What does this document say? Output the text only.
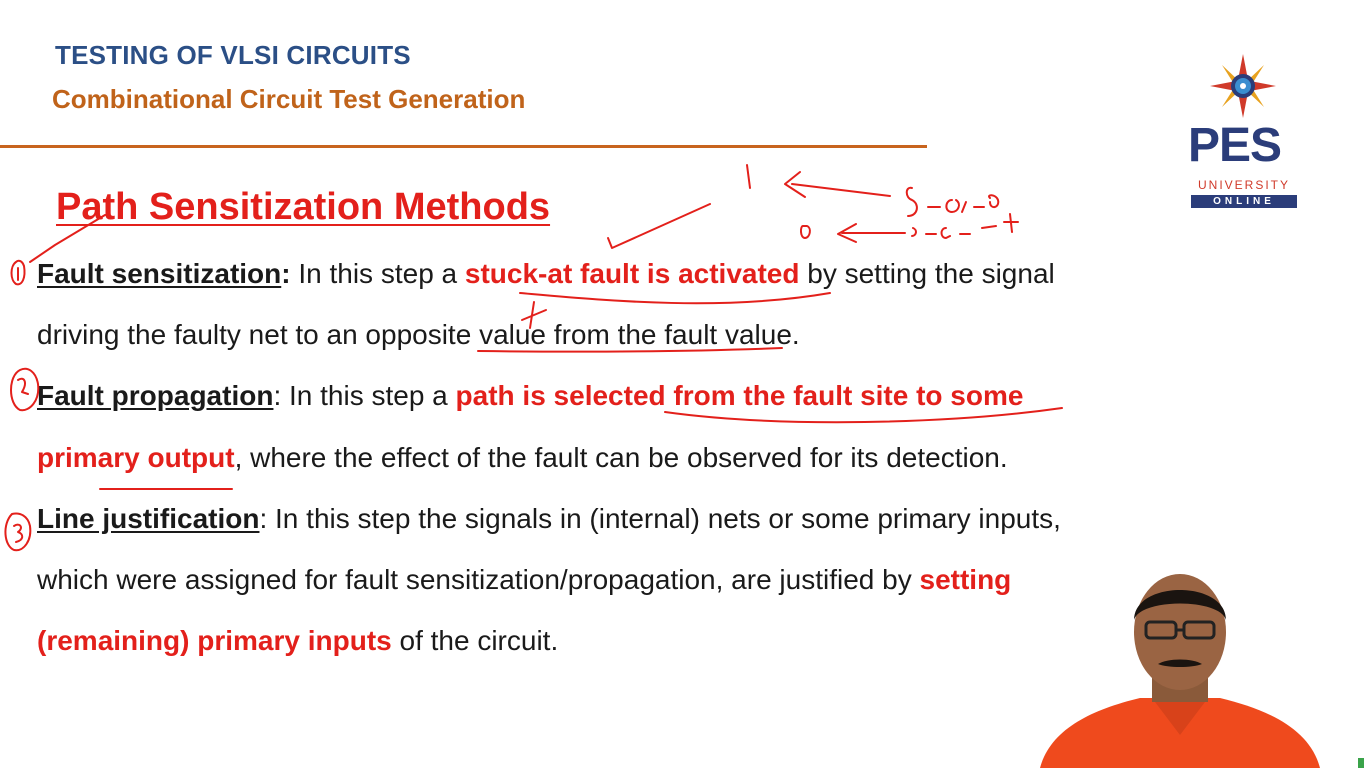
TESTING OF VLSI CIRCUITS
Combinational Circuit Test Generation
PES
UNIVERSITY
ONLINE
Path Sensitization Methods
Fault sensitization: In this step a stuck-at fault is activated by setting the signal
driving the faulty net to an opposite value from the fault value.
Fault propagation: In this step a path is selected from the fault site to some
primary output, where the effect of the fault can be observed for its detection.
Line justification: In this step the signals in (internal) nets or some primary inputs,
which were assigned for fault sensitization/propagation, are justified by setting
(remaining) primary inputs of the circuit.
